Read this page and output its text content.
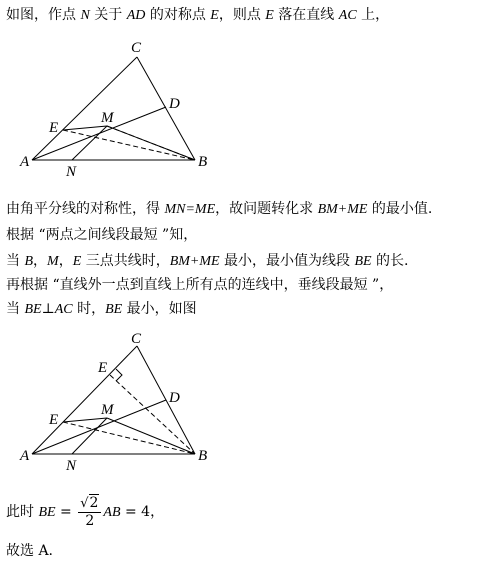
如图，作点 N 关于 AD 的对称点 E，则点 E 落在直线 AC 上，
C
D
E
M
A	B
N
由角平分线的对称性，得 MN=ME，故问题转化求 BM+ME 的最小值.
根据 “两点之间线段最短 ”知，
当 B，M，E 三点共线时，BM+ME 最小，最小值为线段 BE 的长.
再根据 “直线外一点到直线上所有点的连线中，垂线段最短 ”，
当 BE⊥AC 时，BE 最小，如图
C
E
D
E
M
A	B
N
此时 BE = $\frac{√2}{2}$ AB = 4，
故选 A.
